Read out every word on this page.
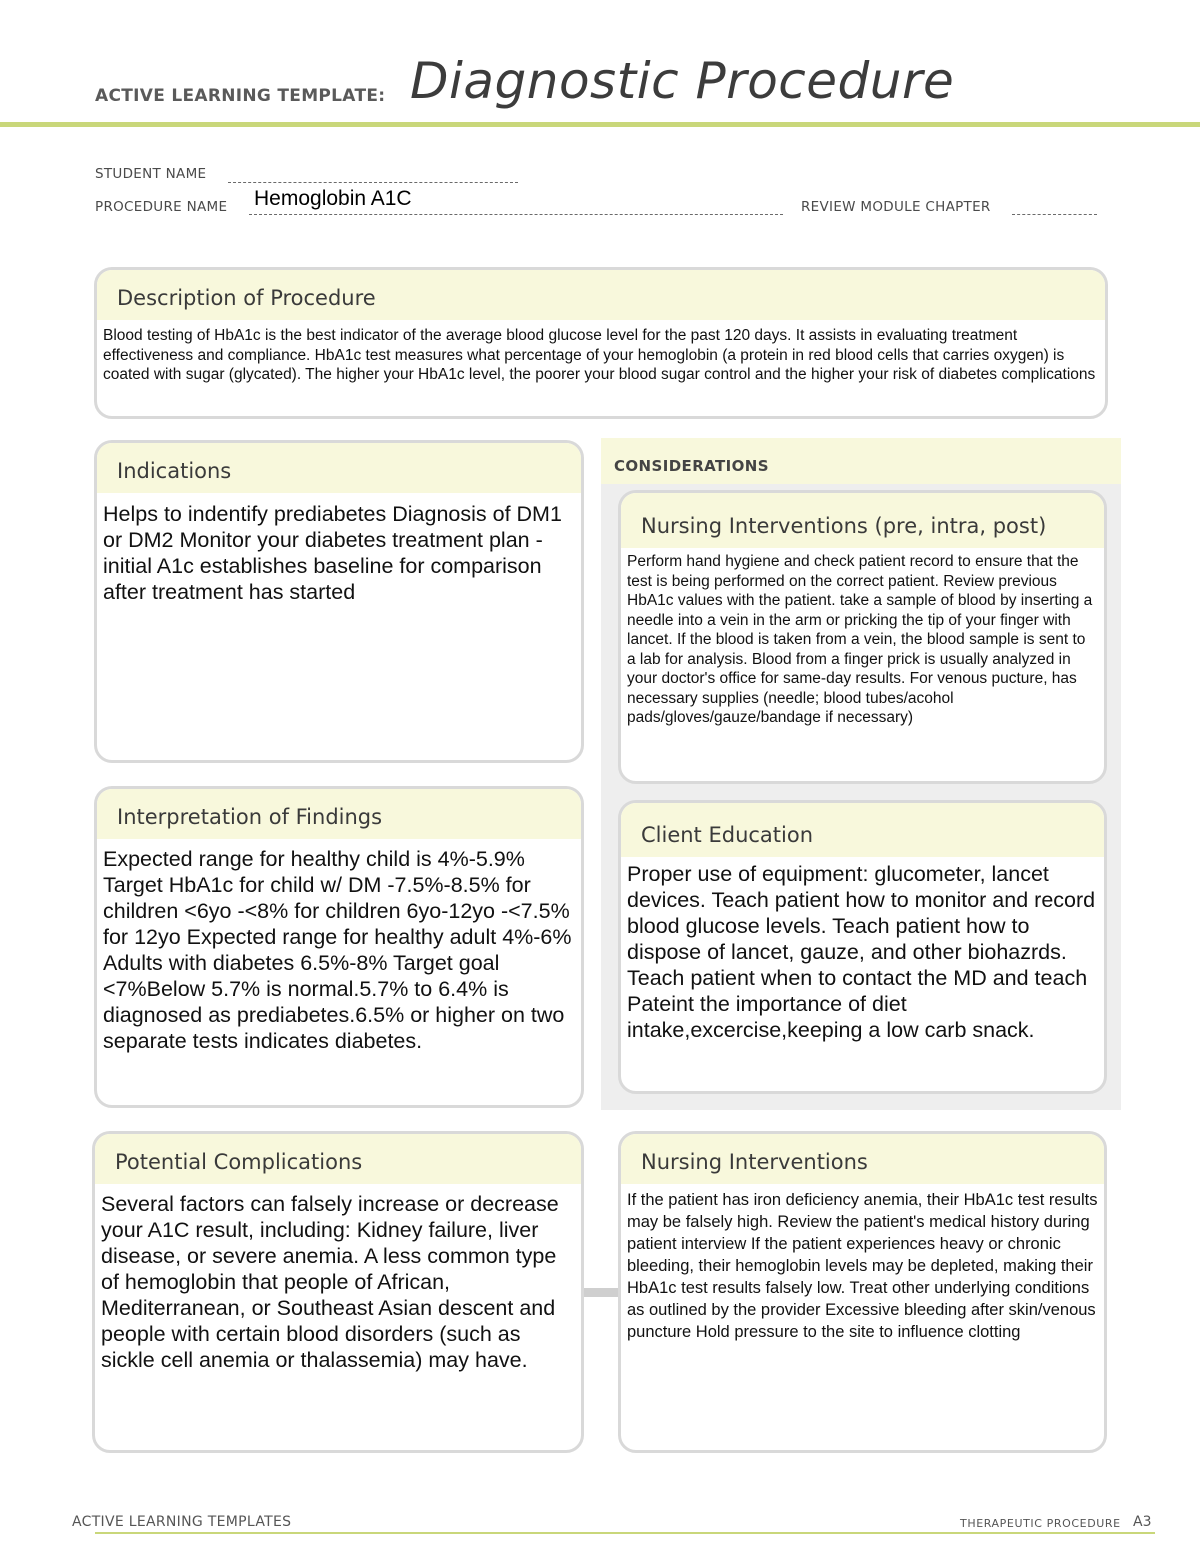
ACTIVE LEARNING TEMPLATE: Diagnostic Procedure
STUDENT NAME
PROCEDURE NAME Hemoglobin A1C	REVIEW MODULE CHAPTER
Description of Procedure
Blood testing of HbA1c is the best indicator of the average blood glucose level for the past 120 days. It assists in evaluating treatment effectiveness and compliance. HbA1c test measures what percentage of your hemoglobin (a protein in red blood cells that carries oxygen) is coated with sugar (glycated). The higher your HbA1c level, the poorer your blood sugar control and the higher your risk of diabetes complications
CONSIDERATIONS
Indications
Helps to indentify prediabetes Diagnosis of DM1 or DM2 Monitor your diabetes treatment plan -initial A1c establishes baseline for comparison after treatment has started
Nursing Interventions (pre, intra, post)
Perform hand hygiene and check patient record to ensure that the test is being performed on the correct patient. Review previous HbA1c values with the patient. take a sample of blood by inserting a needle into a vein in the arm or pricking the tip of your finger with lancet. If the blood is taken from a vein, the blood sample is sent to a lab for analysis. Blood from a finger prick is usually analyzed in your doctor's office for same-day results. For venous pucture, has necessary supplies (needle; blood tubes/acohol pads/gloves/gauze/bandage if necessary)
Interpretation of Findings
Expected range for healthy child is 4%-5.9% Target HbA1c for child w/ DM -7.5%-8.5% for children <6yo -<8% for children 6yo-12yo -<7.5% for 12yo Expected range for healthy adult 4%-6% Adults with diabetes 6.5%-8% Target goal <7%Below 5.7% is normal.5.7% to 6.4% is diagnosed as prediabetes.6.5% or higher on two separate tests indicates diabetes.
Client Education
Proper use of equipment: glucometer, lancet devices. Teach patient how to monitor and record blood glucose levels. Teach patient how to dispose of lancet, gauze, and other biohazrds. Teach patient when to contact the MD and teach Pateint the importance of diet intake,excercise,keeping a low carb snack.
Potential Complications
Several factors can falsely increase or decrease your A1C result, including: Kidney failure, liver disease, or severe anemia. A less common type of hemoglobin that people of African, Mediterranean, or Southeast Asian descent and people with certain blood disorders (such as sickle cell anemia or thalassemia) may have.
Nursing Interventions
If the patient has iron deficiency anemia, their HbA1c test results may be falsely high. Review the patient's medical history during patient interview If the patient experiences heavy or chronic bleeding, their hemoglobin levels may be depleted, making their HbA1c test results falsely low. Treat other underlying conditions as outlined by the provider Excessive bleeding after skin/venous puncture Hold pressure to the site to influence clotting
ACTIVE LEARNING TEMPLATES	THERAPEUTIC PROCEDURE A3
